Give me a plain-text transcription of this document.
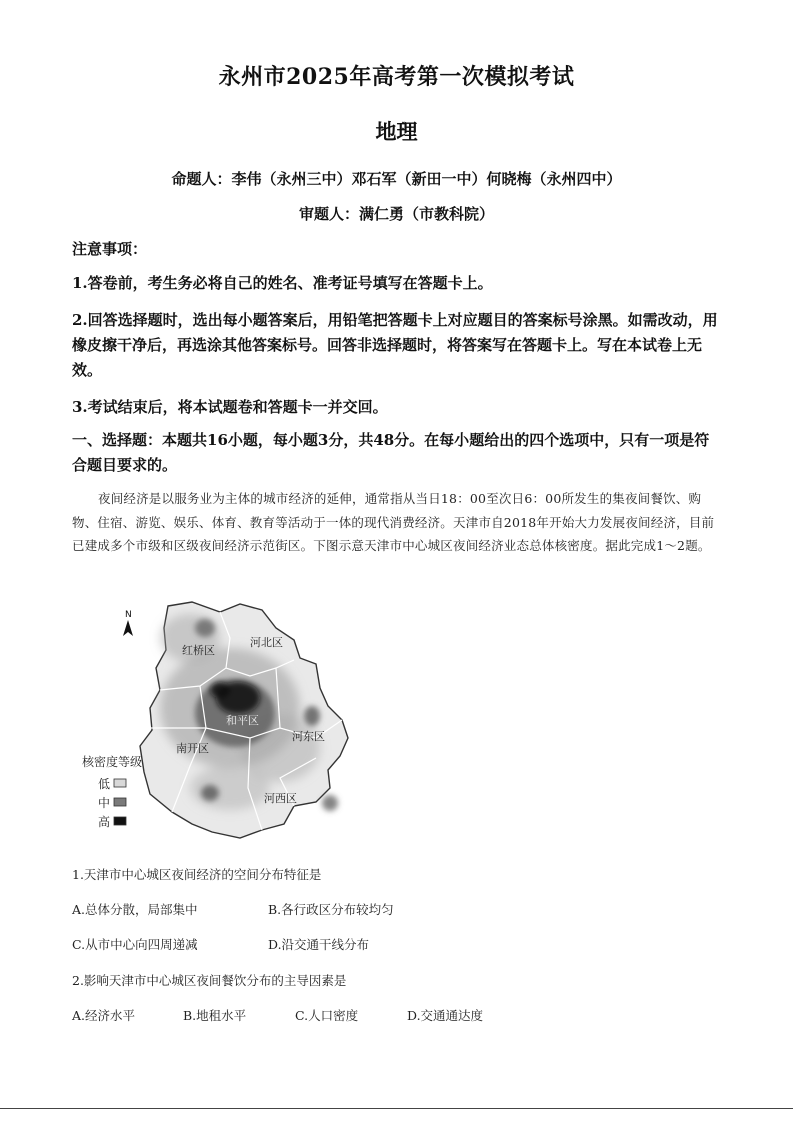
永州市2025年高考第一次模拟考试
地理
命题人：李伟（永州三中）邓石军（新田一中）何晓梅（永州四中）
审题人：满仁勇（市教科院）
注意事项：
1.答卷前，考生务必将自己的姓名、准考证号填写在答题卡上。
2.回答选择题时，选出每小题答案后，用铅笔把答题卡上对应题目的答案标号涂黑。如需改动，用橡皮擦干净后，再选涂其他答案标号。回答非选择题时，将答案写在答题卡上。写在本试卷上无效。
3.考试结束后，将本试题卷和答题卡一并交回。
一、选择题：本题共16小题，每小题3分，共48分。在每小题给出的四个选项中，只有一项是符合题目要求的。
夜间经济是以服务业为主体的城市经济的延伸，通常指从当日18：00至次日6：00所发生的集夜间餐饮、购物、住宿、游览、娱乐、体育、教育等活动于一体的现代消费经济。天津市自2018年开始大力发展夜间经济，目前已建成多个市级和区级夜间经济示范街区。下图示意天津市中心城区夜间经济业态总体核密度。据此完成1～2题。
红桥区
河北区
和平区
南开区
河东区
河西区
N
核密度等级
低
中
高
1.天津市中心城区夜间经济的空间分布特征是
A.总体分散，局部集中	B.各行政区分布较均匀
C.从市中心向四周递减	D.沿交通干线分布
2.影响天津市中心城区夜间餐饮分布的主导因素是
A.经济水平	B.地租水平	C.人口密度	D.交通通达度
